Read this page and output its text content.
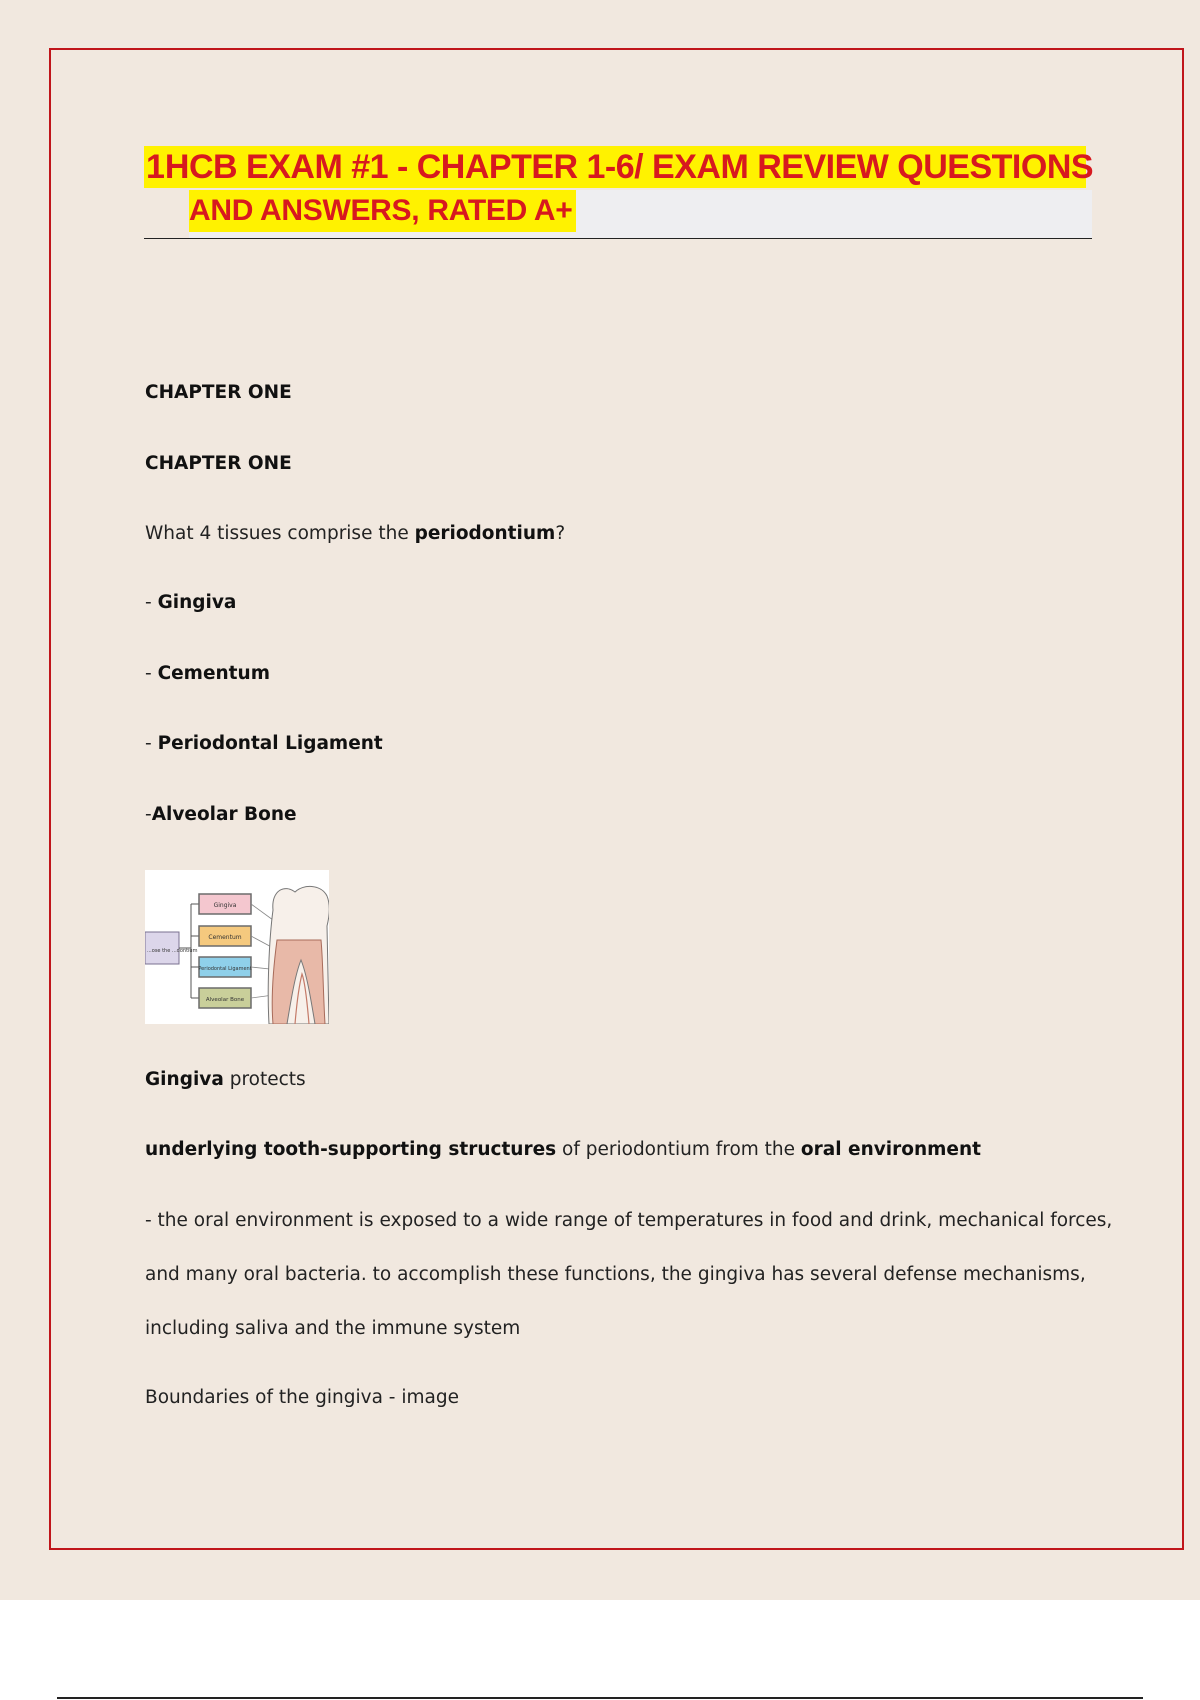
1 HCB EXAM #1 - CHAPTER 1-6/ EXAM REVIEW QUESTIONS
AND ANSWERS, RATED A+
CHAPTER ONE
CHAPTER ONE
What 4 tissues comprise the periodontium?
- Gingiva
- Cementum
- Periodontal Ligament
-Alveolar Bone
...ose the ...dontium
Gingiva
Cementum
Periodontal Ligament
Alveolar Bone
Gingiva protects
underlying tooth-supporting structures of periodontium from the oral environment
- the oral environment is exposed to a wide range of temperatures in food and drink, mechanical forces,
and many oral bacteria. to accomplish these functions, the gingiva has several defense mechanisms,
including saliva and the immune system
Boundaries of the gingiva - image
